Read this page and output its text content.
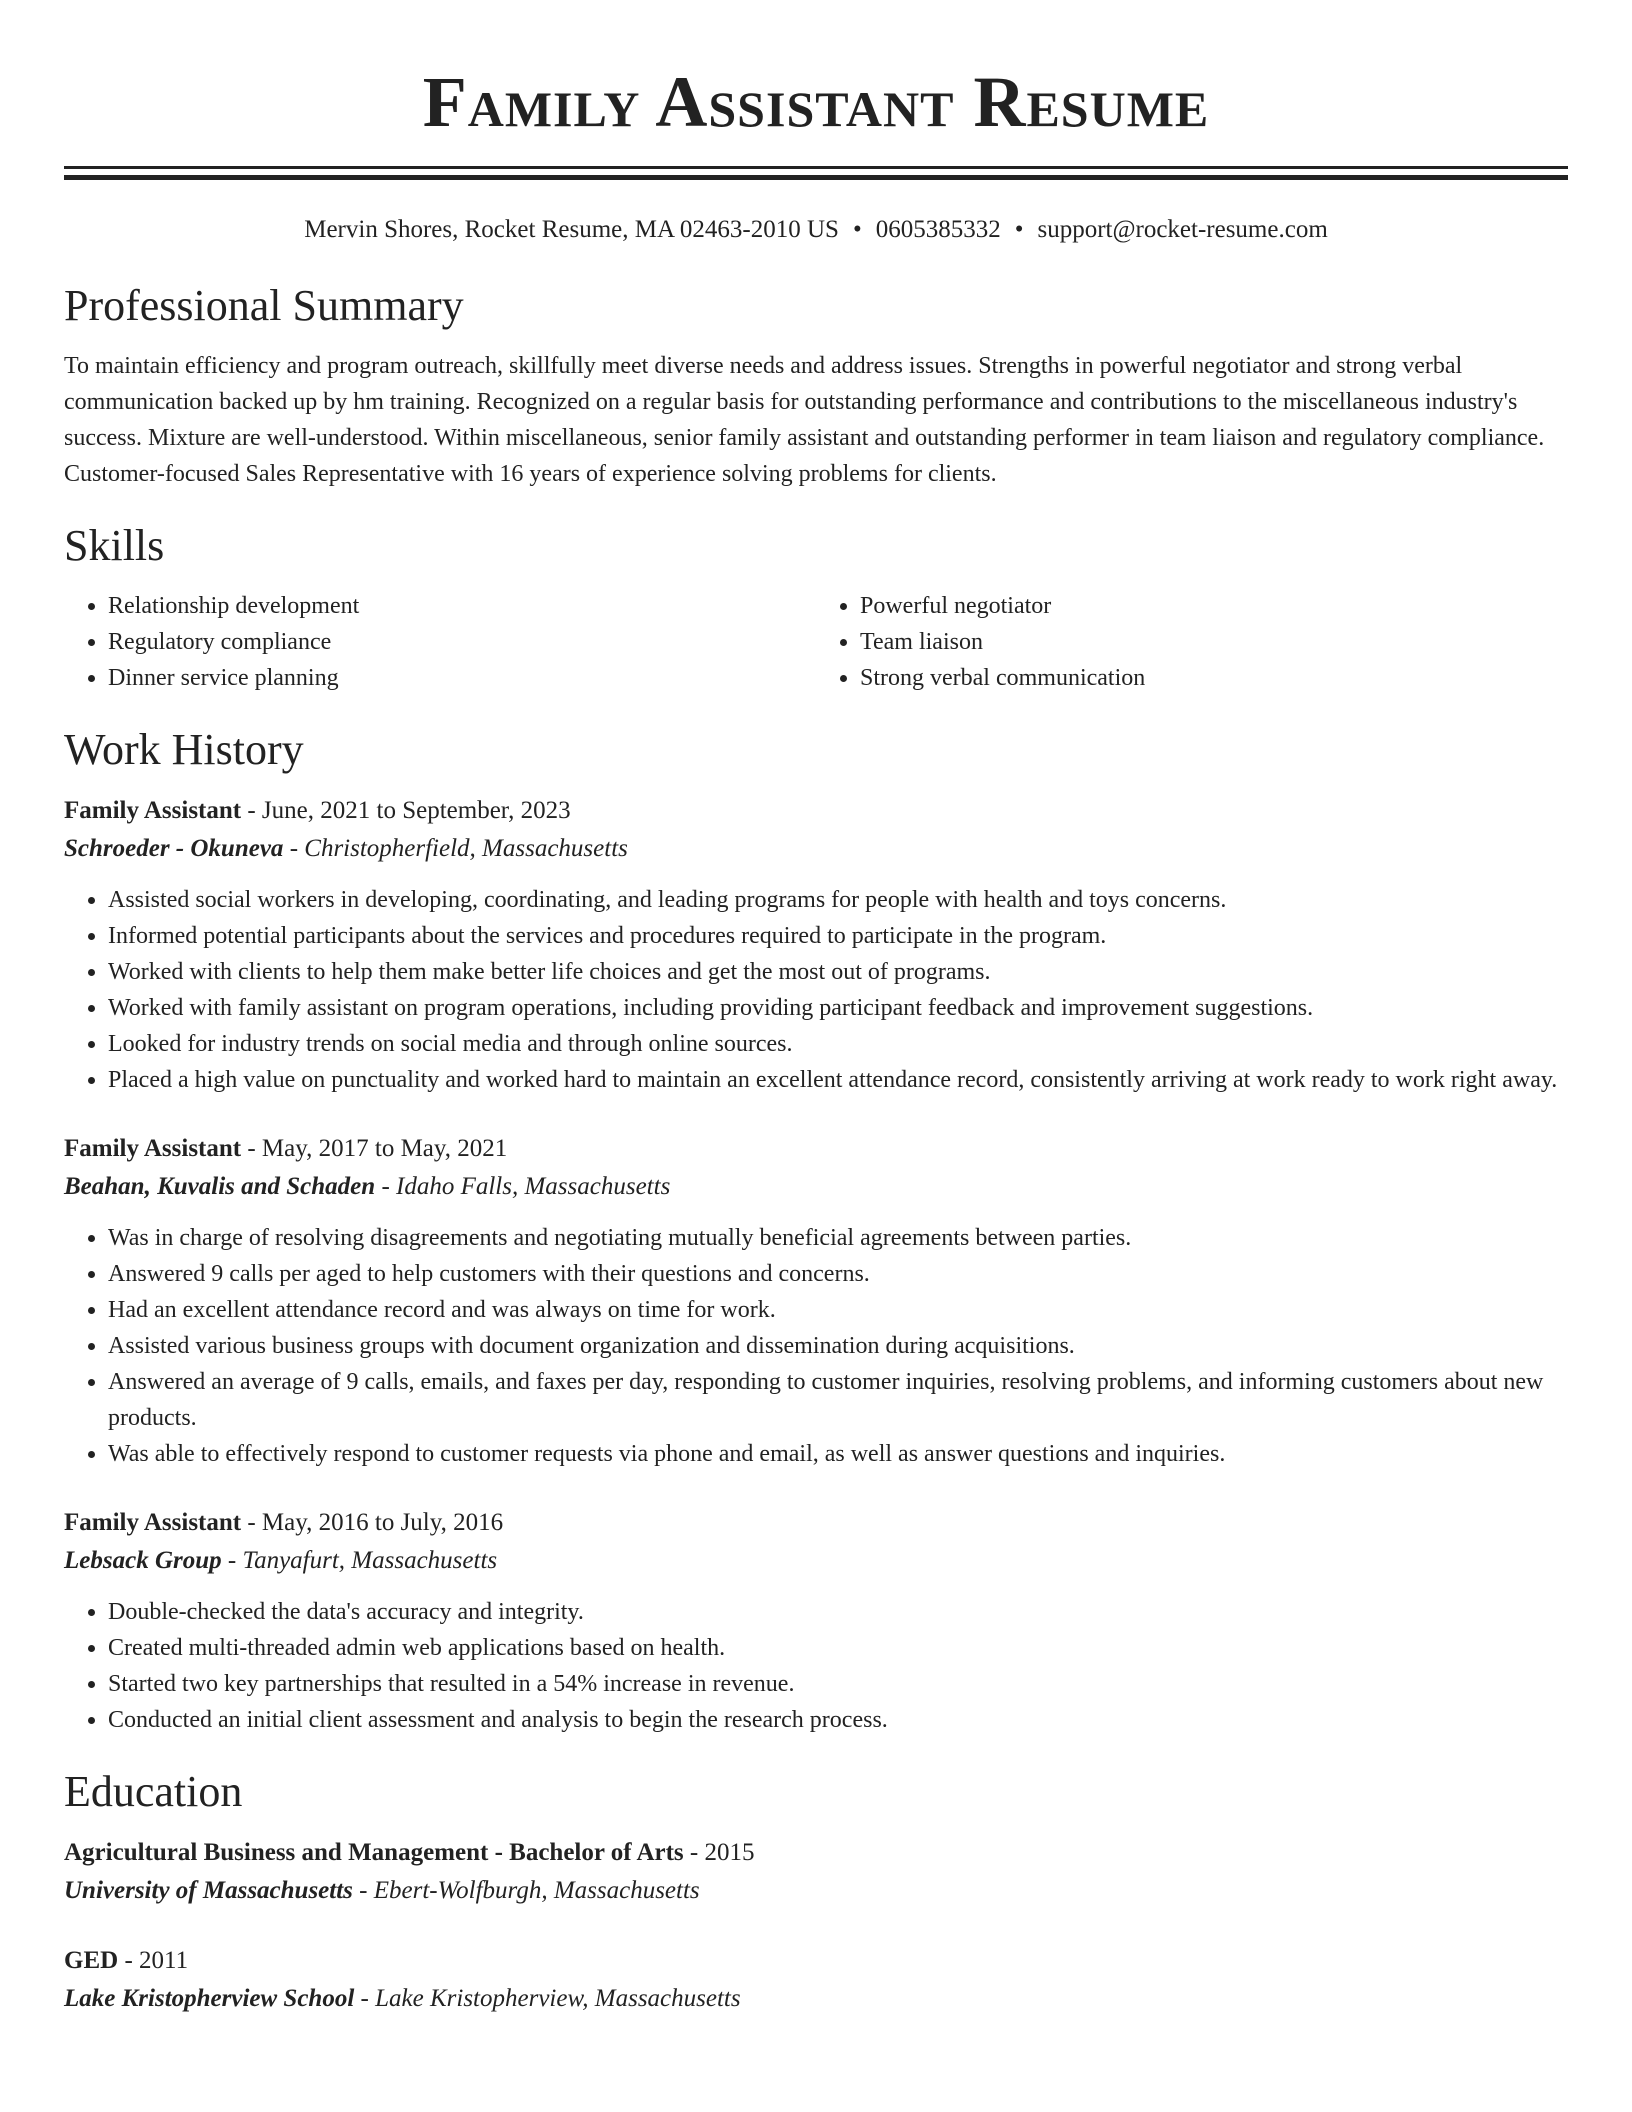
Family Assistant Resume
Mervin Shores, Rocket Resume, MA 02463-2010 US • 0605385332 • support@rocket-resume.com
Professional Summary

To maintain efficiency and program outreach, skillfully meet diverse needs and address issues. Strengths in powerful negotiator and strong verbal communication backed up by hm training. Recognized on a regular basis for outstanding performance and contributions to the miscellaneous industry's success. Mixture are well-understood. Within miscellaneous, senior family assistant and outstanding performer in team liaison and regulatory compliance. Customer-focused Sales Representative with 16 years of experience solving problems for clients.

Skills
• Relationship development
• Regulatory compliance
• Dinner service planning
• Powerful negotiator
• Team liaison
• Strong verbal communication
Work History
Family Assistant - June, 2021 to September, 2023
Schroeder - Okuneva - Christopherfield, Massachusetts
• Assisted social workers in developing, coordinating, and leading programs for people with health and toys concerns.
• Informed potential participants about the services and procedures required to participate in the program.
• Worked with clients to help them make better life choices and get the most out of programs.
• Worked with family assistant on program operations, including providing participant feedback and improvement suggestions.
• Looked for industry trends on social media and through online sources.
• Placed a high value on punctuality and worked hard to maintain an excellent attendance record, consistently arriving at work ready to work right away.
Family Assistant - May, 2017 to May, 2021
Beahan, Kuvalis and Schaden - Idaho Falls, Massachusetts
• Was in charge of resolving disagreements and negotiating mutually beneficial agreements between parties.
• Answered 9 calls per aged to help customers with their questions and concerns.
• Had an excellent attendance record and was always on time for work.
• Assisted various business groups with document organization and dissemination during acquisitions.
• Answered an average of 9 calls, emails, and faxes per day, responding to customer inquiries, resolving problems, and informing customers about new products.
• Was able to effectively respond to customer requests via phone and email, as well as answer questions and inquiries.
Family Assistant - May, 2016 to July, 2016
Lebsack Group - Tanyafurt, Massachusetts
• Double-checked the data's accuracy and integrity.
• Created multi-threaded admin web applications based on health.
• Started two key partnerships that resulted in a 54% increase in revenue.
• Conducted an initial client assessment and analysis to begin the research process.
Education
Agricultural Business and Management - Bachelor of Arts - 2015
University of Massachusetts - Ebert-Wolfburgh, Massachusetts
GED - 2011
Lake Kristopherview School - Lake Kristopherview, Massachusetts
